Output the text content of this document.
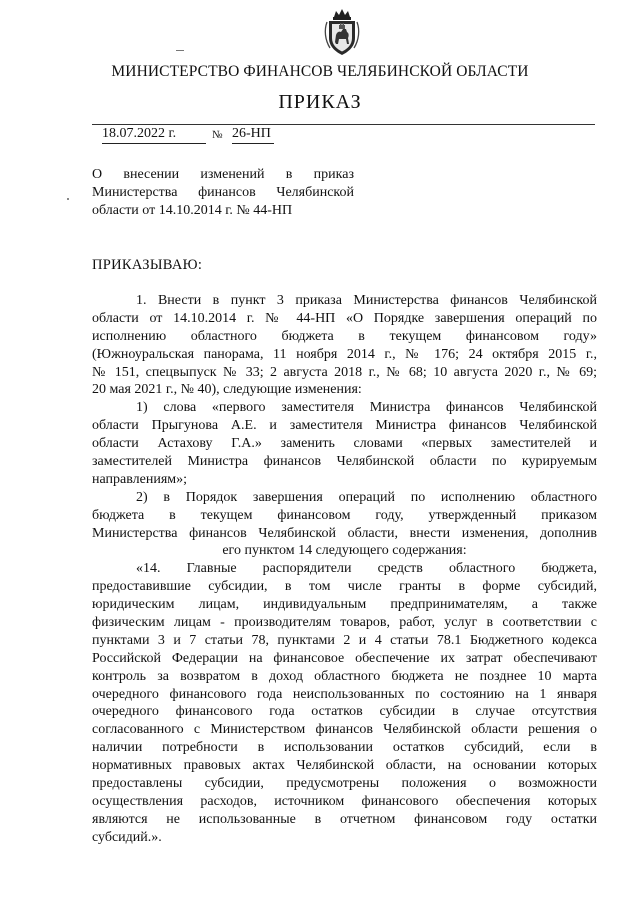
МИНИСТЕРСТВО ФИНАНСОВ ЧЕЛЯБИНСКОЙ ОБЛАСТИ
ПРИКАЗ
18.07.2022 г.	№ 26-НП
О внесении изменений в приказ
Министерства финансов Челябинской
области от 14.10.2014 г. № 44-НП
ПРИКАЗЫВАЮ:
1. Внести в пункт 3 приказа Министерства финансов Челябинской
области от 14.10.2014 г. № 44-НП «О Порядке завершения операций по
исполнению областного бюджета в текущем финансовом году»
(Южноуральская панорама, 11 ноября 2014 г., № 176; 24 октября 2015 г.,
№ 151, спецвыпуск № 33; 2 августа 2018 г., № 68; 10 августа 2020 г., № 69;
20 мая 2021 г., № 40), следующие изменения:
1) слова «первого заместителя Министра финансов Челябинской
области Прыгунова А.Е. и заместителя Министра финансов Челябинской
области Астахову Г.А.» заменить словами «первых заместителей и
заместителей Министра финансов Челябинской области по курируемым
направлениям»;
2) в Порядок завершения операций по исполнению областного
бюджета в текущем финансовом году, утвержденный приказом
Министерства финансов Челябинской области, внести изменения, дополнив
его пунктом 14 следующего содержания:
«14. Главные распорядители средств областного бюджета,
предоставившие субсидии, в том числе гранты в форме субсидий,
юридическим лицам, индивидуальным предпринимателям, а также
физическим лицам - производителям товаров, работ, услуг в соответствии с
пунктами 3 и 7 статьи 78, пунктами 2 и 4 статьи 78.1 Бюджетного кодекса
Российской Федерации на финансовое обеспечение их затрат обеспечивают
контроль за возвратом в доход областного бюджета не позднее 10 марта
очередного финансового года неиспользованных по состоянию на 1 января
очередного финансового года остатков субсидии в случае отсутствия
согласованного с Министерством финансов Челябинской области решения о
наличии потребности в использовании остатков субсидий, если в
нормативных правовых актах Челябинской области, на основании которых
предоставлены субсидии, предусмотрены положения о возможности
осуществления расходов, источником финансового обеспечения которых
являются не использованные в отчетном финансовом году остатки
субсидий.».
